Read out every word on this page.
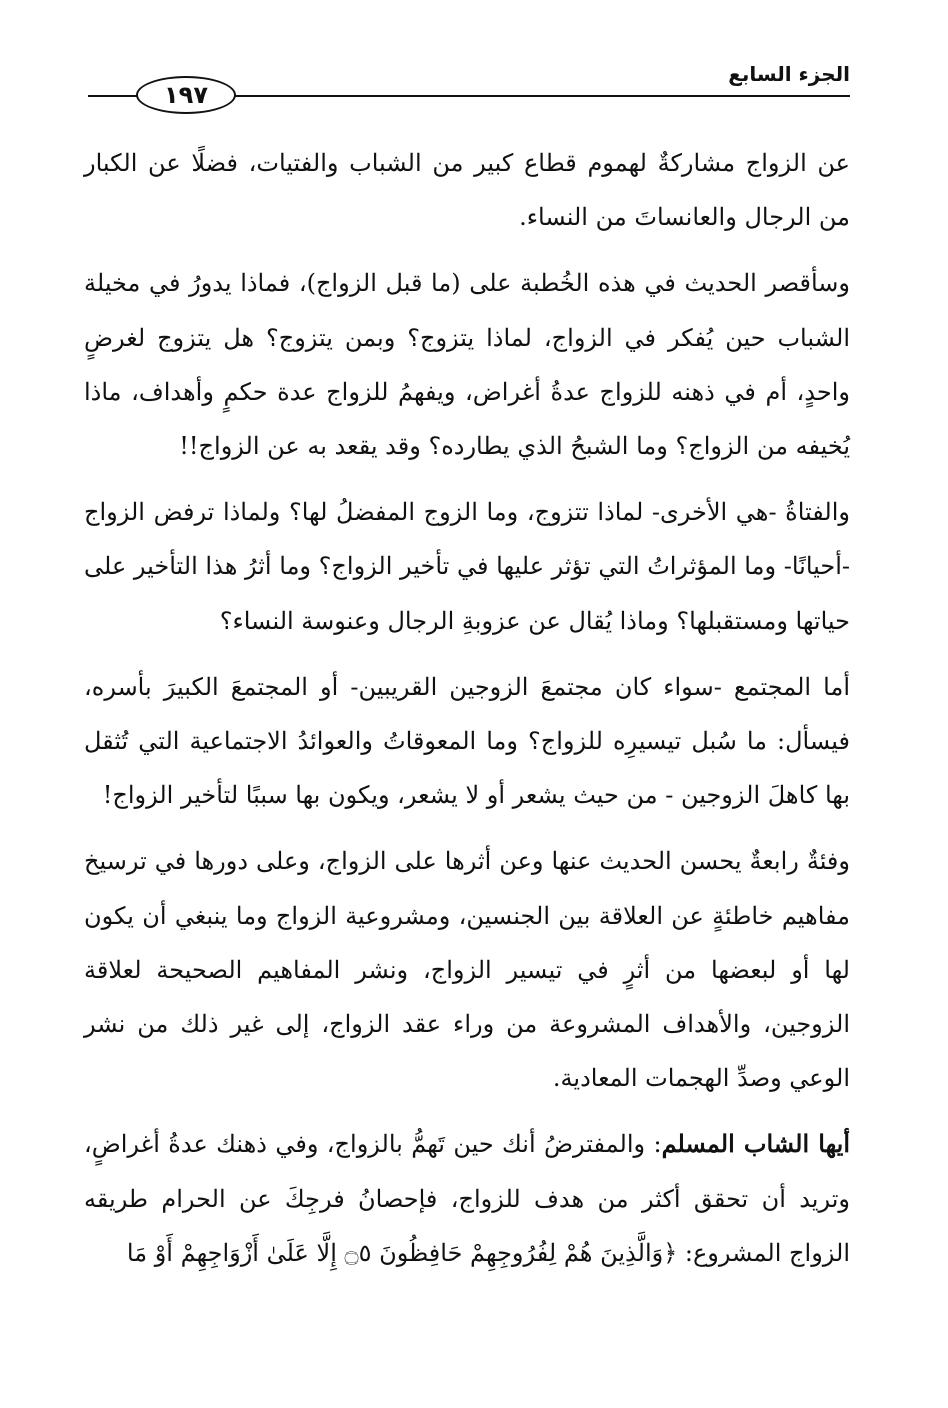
الجزء السابع
١٩٧

عن الزواج مشاركةٌ لهموم قطاع كبير من الشباب والفتيات، فضلًا عن الكبار من الرجال والعانساتَ من النساء.

وسأقصر الحديث في هذه الخُطبة على (ما قبل الزواج)، فماذا يدورُ في مخيلة الشباب حين يُفكر في الزواج، لماذا يتزوج؟ وبمن يتزوج؟ هل يتزوج لغرضٍ واحدٍ، أم في ذهنه للزواج عدةُ أغراض، ويفهمُ للزواج عدة حكمٍ وأهداف، ماذا يُخيفه من الزواج؟ وما الشبحُ الذي يطارده؟ وقد يقعد به عن الزواج!!

والفتاةُ -هي الأخرى- لماذا تتزوج، وما الزوج المفضلُ لها؟ ولماذا ترفض الزواج -أحيانًا- وما المؤثراتُ التي تؤثر عليها في تأخير الزواج؟ وما أثرُ هذا التأخير على حياتها ومستقبلها؟ وماذا يُقال عن عزوبةِ الرجال وعنوسة النساء؟

أما المجتمع -سواء كان مجتمعَ الزوجين القريبين- أو المجتمعَ الكبيرَ بأسره، فيسأل: ما سُبل تيسيرِه للزواج؟ وما المعوقاتُ والعوائدُ الاجتماعية التي تُثقل بها كاهلَ الزوجين - من حيث يشعر أو لا يشعر، ويكون بها سببًا لتأخير الزواج!

وفئةٌ رابعةٌ يحسن الحديث عنها وعن أثرها على الزواج، وعلى دورها في ترسيخ مفاهيم خاطئةٍ عن العلاقة بين الجنسين، ومشروعية الزواج وما ينبغي أن يكون لها أو لبعضها من أثرٍ في تيسير الزواج، ونشر المفاهيم الصحيحة لعلاقة الزوجين، والأهداف المشروعة من وراء عقد الزواج، إلى غير ذلك من نشر الوعي وصدِّ الهجمات المعادية.

أيها الشاب المسلم: والمفترضُ أنك حين تَهمُّ بالزواج، وفي ذهنك عدةُ أغراضٍ، وتريد أن تحقق أكثر من هدف للزواج، فإحصانُ فرجِكَ عن الحرام طريقه الزواج المشروع: ﴿وَالَّذِينَ هُمْ لِفُرُوجِهِمْ حَافِظُونَ ۝٥ إِلَّا عَلَىٰ أَزْوَاجِهِمْ أَوْ مَا
